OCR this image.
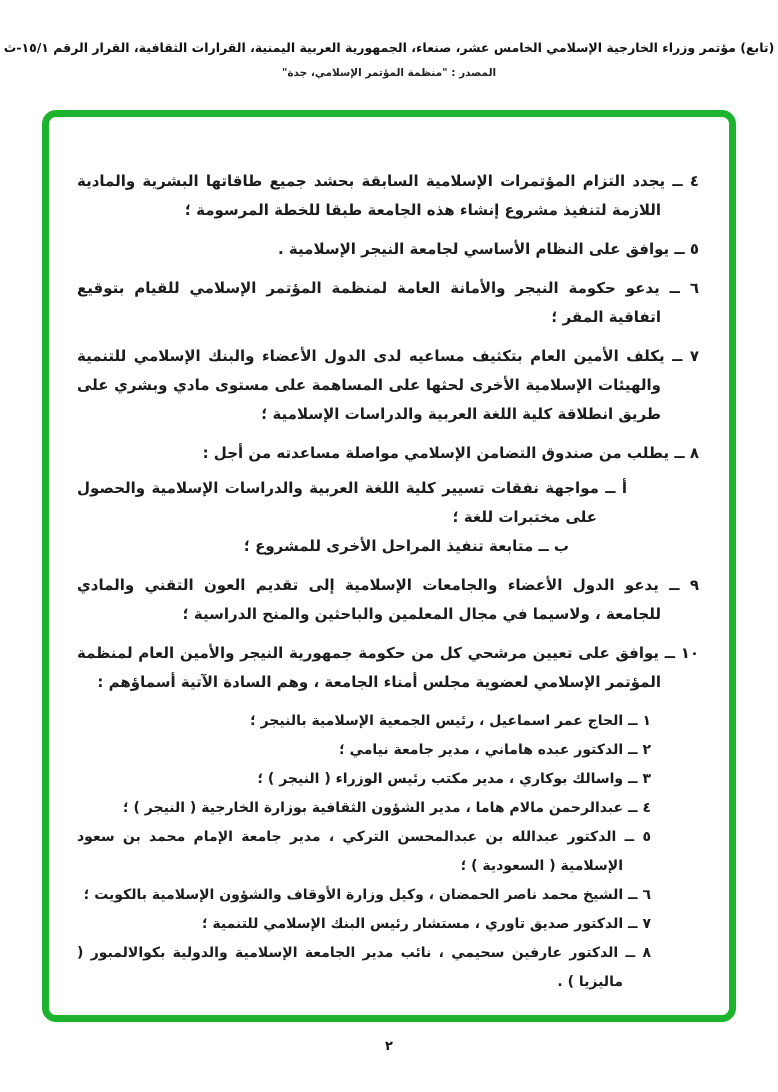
(تابع) مؤتمر وزراء الخارجية الإسلامي الخامس عشر، صنعاء، الجمهورية العربية اليمنية، القرارات الثقافية، القرار الرقم ١٥/١-ث
المصدر : "منظمة المؤتمر الإسلامي، جدة"

٤ ــ يجدد التزام المؤتمرات الإسلامية السابقة بحشد جميع طاقاتها البشرية والمادية اللازمة لتنفيذ مشروع إنشاء هذه الجامعة طبقا للخطة المرسومة ؛

٥ ــ يوافق على النظام الأساسي لجامعة النيجر الإسلامية .

٦ ــ يدعو حكومة النيجر والأمانة العامة لمنظمة المؤتمر الإسلامي للقيام بتوقيع اتفاقية المقر ؛

٧ ــ يكلف الأمين العام بتكثيف مساعيه لدى الدول الأعضاء والبنك الإسلامي للتنمية والهيئات الإسلامية الأخرى لحثها على المساهمة على مستوى مادي وبشري على طريق انطلاقة كلية اللغة العربية والدراسات الإسلامية ؛

٨ ــ يطلب من صندوق التضامن الإسلامي مواصلة مساعدته من أجل :

أ ــ مواجهة نفقات تسيير كلية اللغة العربية والدراسات الإسلامية والحصول على مختبرات للغة ؛

ب ــ متابعة تنفيذ المراحل الأخرى للمشروع ؛

٩ ــ يدعو الدول الأعضاء والجامعات الإسلامية إلى تقديم العون التقني والمادي للجامعة ، ولاسيما في مجال المعلمين والباحثين والمنح الدراسية ؛

١٠ ــ يوافق على تعيين مرشحي كل من حكومة جمهورية النيجر والأمين العام لمنظمة المؤتمر الإسلامي لعضوية مجلس أمناء الجامعة ، وهم السادة الآتية أسماؤهم :

١ ــ الحاج عمر اسماعيل ، رئيس الجمعية الإسلامية بالنيجر ؛

٢ ــ الدكتور عبده هاماني ، مدير جامعة نيامي ؛

٣ ــ واسالك بوكاري ، مدير مكتب رئيس الوزراء ( النيجر ) ؛

٤ ــ عبدالرحمن مالام هاما ، مدير الشؤون الثقافية بوزارة الخارجية ( النيجر ) ؛

٥ ــ الدكتور عبدالله بن عبدالمحسن التركي ، مدير جامعة الإمام محمد بن سعود الإسلامية ( السعودية ) ؛

٦ ــ الشيخ محمد ناصر الحمضان ، وكيل وزارة الأوقاف والشؤون الإسلامية بالكويت ؛

٧ ــ الدكتور صديق تاوري ، مستشار رئيس البنك الإسلامي للتنمية ؛

٨ ــ الدكتور عارفين سحيمي ، نائب مدير الجامعة الإسلامية والدولية بكوالالمبور ( ماليزيا ) .

٢
